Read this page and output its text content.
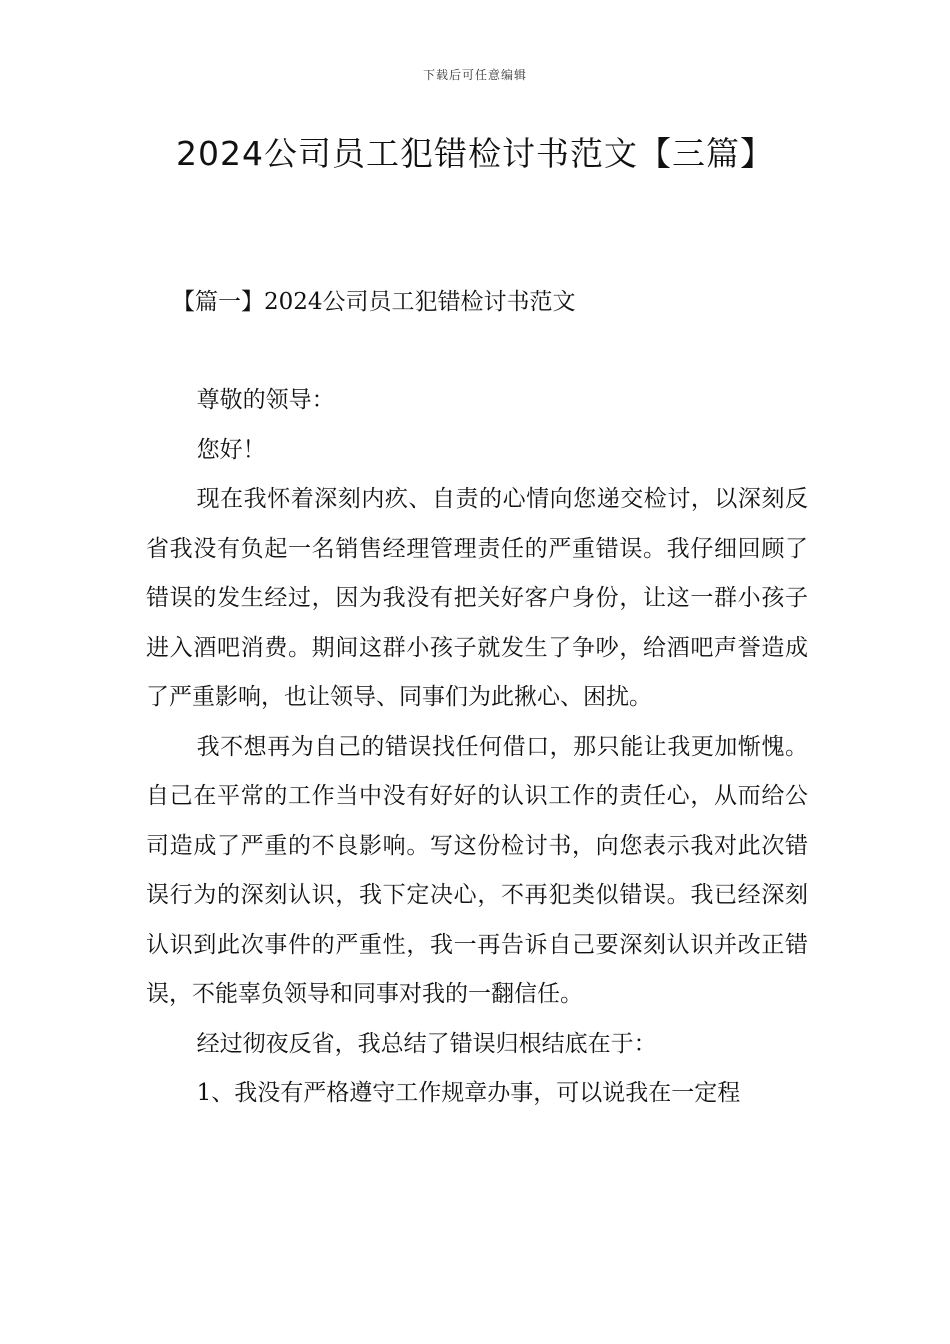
下载后可任意编辑
2024公司员工犯错检讨书范文【三篇】
【篇一】2024公司员工犯错检讨书范文

尊敬的领导：

您好！

现在我怀着深刻内疚、自责的心情向您递交检讨，以深刻反省我没有负起一名销售经理管理责任的严重错误。我仔细回顾了错误的发生经过，因为我没有把关好客户身份，让这一群小孩子进入酒吧消费。期间这群小孩子就发生了争吵，给酒吧声誉造成了严重影响，也让领导、同事们为此揪心、困扰。

我不想再为自己的错误找任何借口，那只能让我更加惭愧。自己在平常的工作当中没有好好的认识工作的责任心，从而给公司造成了严重的不良影响。写这份检讨书，向您表示我对此次错误行为的深刻认识，我下定决心，不再犯类似错误。我已经深刻认识到此次事件的严重性，我一再告诉自己要深刻认识并改正错误，不能辜负领导和同事对我的一翻信任。

经过彻夜反省，我总结了错误归根结底在于：

1、我没有严格遵守工作规章办事，可以说我在一定程
